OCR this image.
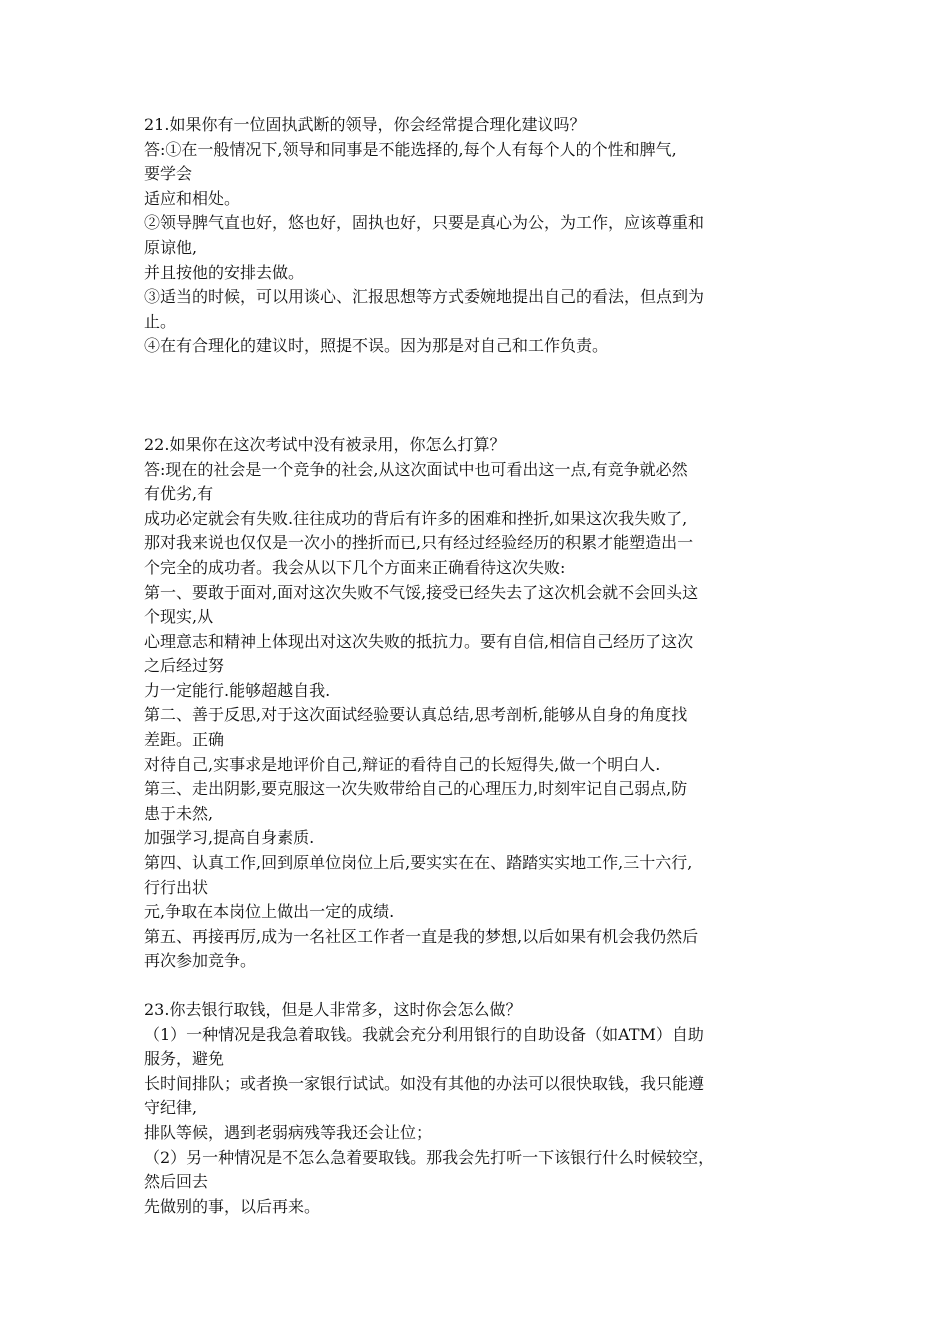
21.如果你有一位固执武断的领导，你会经常提合理化建议吗？

答:①在一般情况下,领导和同事是不能选择的,每个人有每个人的个性和脾气,

要学会

适应和相处。

②领导脾气直也好，悠也好，固执也好，只要是真心为公，为工作，应该尊重和

原谅他,

并且按他的安排去做。

③适当的时候，可以用谈心、汇报思想等方式委婉地提出自己的看法，但点到为

止。

④在有合理化的建议时，照提不误。因为那是对自己和工作负责。

22.如果你在这次考试中没有被录用，你怎么打算？

答:现在的社会是一个竞争的社会,从这次面试中也可看出这一点,有竞争就必然

有优劣,有

成功必定就会有失败.往往成功的背后有许多的困难和挫折,如果这次我失败了,

那对我来说也仅仅是一次小的挫折而已,只有经过经验经历的积累才能塑造出一

个完全的成功者。我会从以下几个方面来正确看待这次失败:

第一、要敢于面对,面对这次失败不气馁,接受已经失去了这次机会就不会回头这

个现实,从

心理意志和精神上体现出对这次失败的抵抗力。要有自信,相信自己经历了这次

之后经过努

力一定能行.能够超越自我.

第二、善于反思,对于这次面试经验要认真总结,思考剖析,能够从自身的角度找

差距。正确

对待自己,实事求是地评价自己,辩证的看待自己的长短得失,做一个明白人.

第三、走出阴影,要克服这一次失败带给自己的心理压力,时刻牢记自己弱点,防

患于未然,

加强学习,提高自身素质.

第四、认真工作,回到原单位岗位上后,要实实在在、踏踏实实地工作,三十六行,

行行出状

元,争取在本岗位上做出一定的成绩.

第五、再接再厉,成为一名社区工作者一直是我的梦想,以后如果有机会我仍然后

再次参加竞争。

23.你去银行取钱，但是人非常多，这时你会怎么做？

（1）一种情况是我急着取钱。我就会充分利用银行的自助设备（如ATM）自助

服务，避免

长时间排队；或者换一家银行试试。如没有其他的办法可以很快取钱，我只能遵

守纪律,

排队等候，遇到老弱病残等我还会让位；

（2）另一种情况是不怎么急着要取钱。那我会先打听一下该银行什么时候较空，

然后回去

先做别的事，以后再来。
